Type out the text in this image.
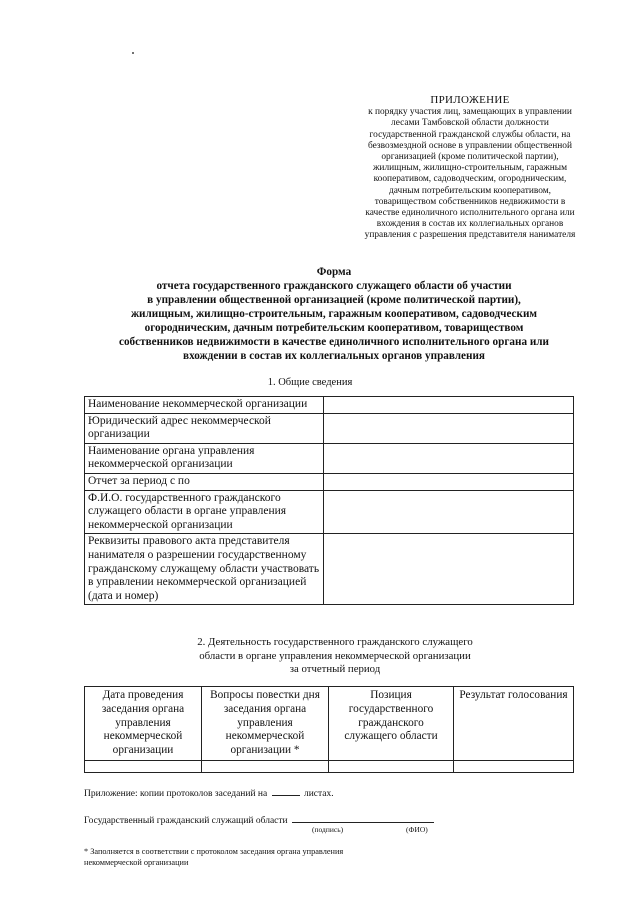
ПРИЛОЖЕНИЕ
к порядку участия лиц, замещающих в управлении
лесами Тамбовской области должности
государственной гражданской службы области, на
безвозмездной основе в управлении общественной
организацией (кроме политической партии),
жилищным, жилищно-строительным, гаражным
кооперативом, садоводческим, огородническим,
дачным потребительским кооперативом,
товариществом собственников недвижимости в
качестве единоличного исполнительного органа или
вхождения в состав их коллегиальных органов
управления с разрешения представителя нанимателя
Форма
отчета государственного гражданского служащего области об участии
в управлении общественной организацией (кроме политической партии),
жилищным, жилищно-строительным, гаражным кооперативом, садоводческим
огородническим, дачным потребительским кооперативом, товариществом
собственников недвижимости в качестве единоличного исполнительного органа или
вхождении в состав их коллегиальных органов управления
1. Общие сведения
Наименование некоммерческой организации	
Юридический адрес некоммерческой организации	
Наименование органа управления некоммерческой организации	
Отчет за период с по	
Ф.И.О. государственного гражданского служащего области в органе управления некоммерческой организации	
Реквизиты правового акта представителя нанимателя о разрешении государственному гражданскому служащему области участвовать в управлении некоммерческой организацией (дата и номер)	
2. Деятельность государственного гражданского служащего
области в органе управления некоммерческой организации
за отчетный период
Дата проведения заседания органа управления некоммерческой организации	Вопросы повестки дня заседания органа управления некоммерческой организации *	Позиция государственного гражданского служащего области	Результат голосования

Приложение: копии протоколов заседаний на	листах.
Государственный гражданский служащий области
(подпись)	(ФИО)
* Заполняется в соответствии с протоколом заседания органа управления
некоммерческой организации
